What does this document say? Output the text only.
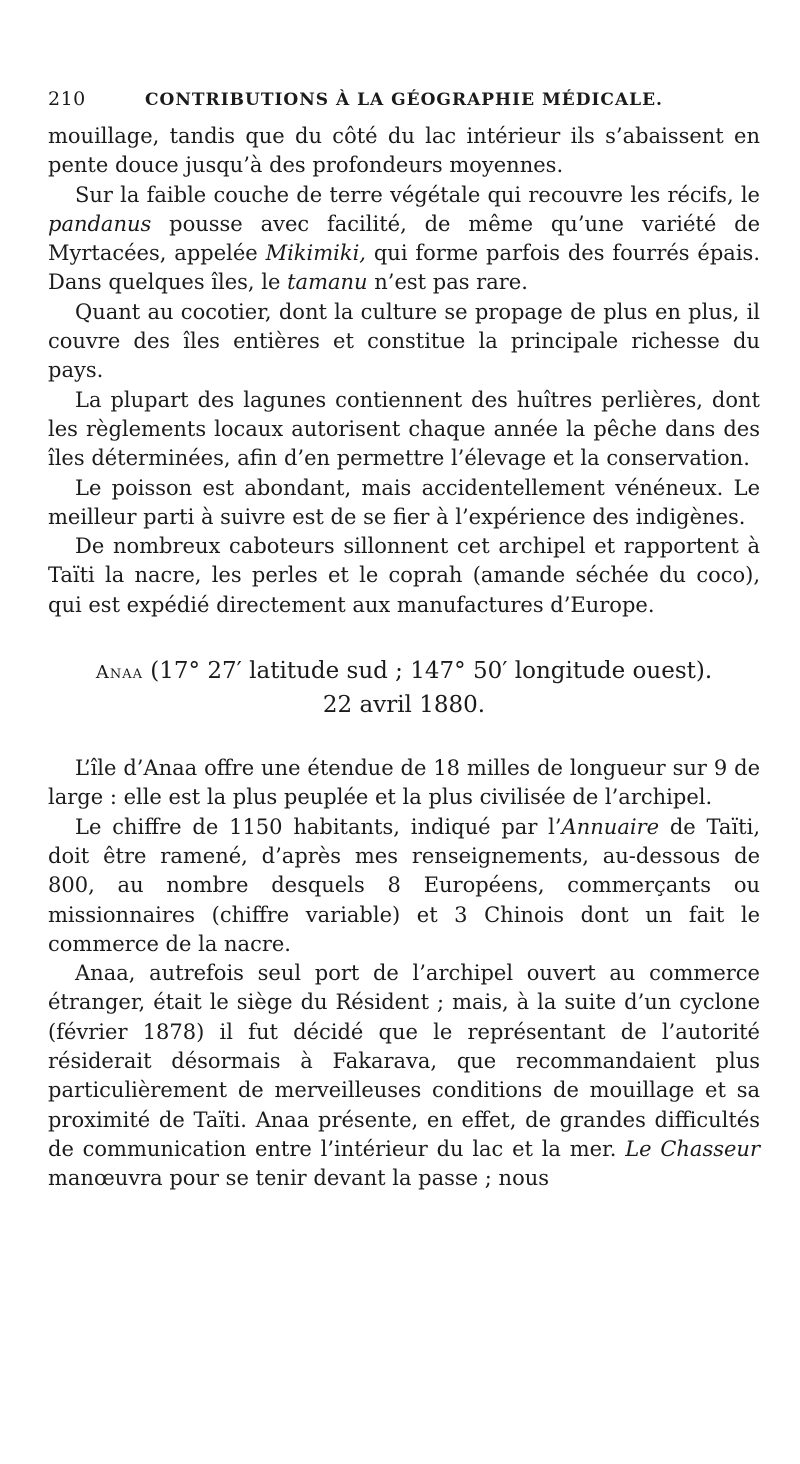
210	CONTRIBUTIONS À LA GÉOGRAPHIE MÉDICALE.

mouillage, tandis que du côté du lac intérieur ils s’abaissent en pente douce jusqu’à des profondeurs moyennes.

Sur la faible couche de terre végétale qui recouvre les récifs, le pandanus pousse avec facilité, de même qu’une variété de Myrtacées, appelée Mikimiki, qui forme parfois des fourrés épais. Dans quelques îles, le tamanu n’est pas rare.

Quant au cocotier, dont la culture se propage de plus en plus, il couvre des îles entières et constitue la principale richesse du pays.

La plupart des lagunes contiennent des huîtres perlières, dont les règlements locaux autorisent chaque année la pêche dans des îles déterminées, afin d’en permettre l’élevage et la conservation.

Le poisson est abondant, mais accidentellement vénéneux. Le meilleur parti à suivre est de se fier à l’expérience des indigènes.

De nombreux caboteurs sillonnent cet archipel et rapportent à Taïti la nacre, les perles et le coprah (amande séchée du coco), qui est expédié directement aux manufactures d’Europe.

Anaa (17° 27′ latitude sud ; 147° 50′ longitude ouest).
22 avril 1880.

L’île d’Anaa offre une étendue de 18 milles de longueur sur 9 de large : elle est la plus peuplée et la plus civilisée de l’archipel.

Le chiffre de 1150 habitants, indiqué par l’Annuaire de Taïti, doit être ramené, d’après mes renseignements, au-dessous de 800, au nombre desquels 8 Européens, commerçants ou missionnaires (chiffre variable) et 3 Chinois dont un fait le commerce de la nacre.

Anaa, autrefois seul port de l’archipel ouvert au commerce étranger, était le siège du Résident ; mais, à la suite d’un cyclone (février 1878) il fut décidé que le représentant de l’autorité résiderait désormais à Fakarava, que recommandaient plus particulièrement de merveilleuses conditions de mouillage et sa proximité de Taïti. Anaa présente, en effet, de grandes difficultés de communication entre l’intérieur du lac et la mer. Le Chasseur manœuvra pour se tenir devant la passe ; nous
